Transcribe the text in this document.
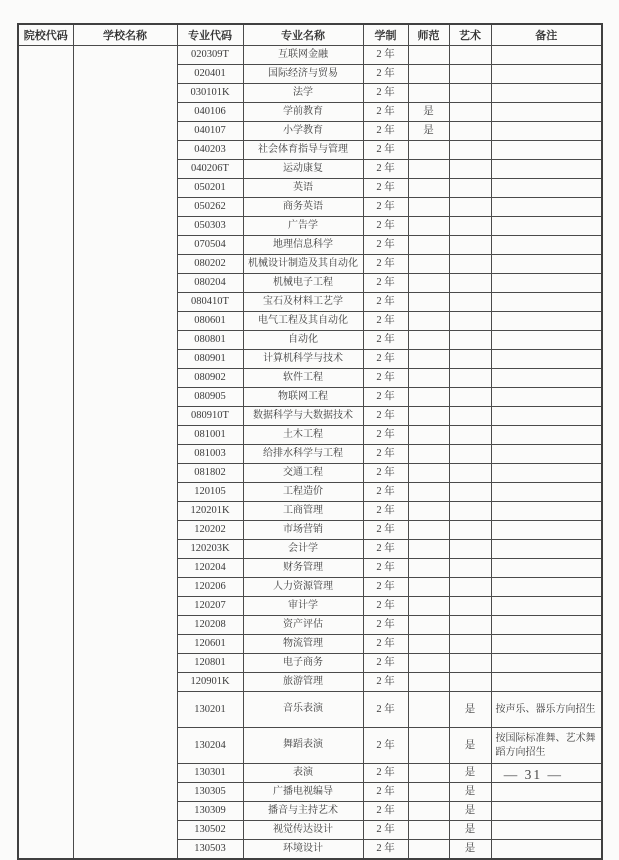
院校代码	学校名称	专业代码	专业名称	学制	师范	艺术	备注
		020309T	互联网金融	2 年			
		020401	国际经济与贸易	2 年			
		030101K	法学	2 年			
		040106	学前教育	2 年	是		
		040107	小学教育	2 年	是		
		040203	社会体育指导与管理	2 年			
		040206T	运动康复	2 年			
		050201	英语	2 年			
		050262	商务英语	2 年			
		050303	广告学	2 年			
		070504	地理信息科学	2 年			
		080202	机械设计制造及其自动化	2 年			
		080204	机械电子工程	2 年			
		080410T	宝石及材料工艺学	2 年			
		080601	电气工程及其自动化	2 年			
		080801	自动化	2 年			
		080901	计算机科学与技术	2 年			
		080902	软件工程	2 年			
		080905	物联网工程	2 年			
		080910T	数据科学与大数据技术	2 年			
		081001	土木工程	2 年			
		081003	给排水科学与工程	2 年			
		081802	交通工程	2 年			
		120105	工程造价	2 年			
		120201K	工商管理	2 年			
		120202	市场营销	2 年			
		120203K	会计学	2 年			
		120204	财务管理	2 年			
		120206	人力资源管理	2 年			
		120207	审计学	2 年			
		120208	资产评估	2 年			
		120601	物流管理	2 年			
		120801	电子商务	2 年			
		120901K	旅游管理	2 年			
		130201	音乐表演	2 年		是	按声乐、器乐方向招生
		130204	舞蹈表演	2 年		是	按国际标准舞、艺术舞蹈方向招生
		130301	表演	2 年		是	
		130305	广播电视编导	2 年		是	
		130309	播音与主持艺术	2 年		是	
		130502	视觉传达设计	2 年		是	
		130503	环境设计	2 年		是	
— 31 —
